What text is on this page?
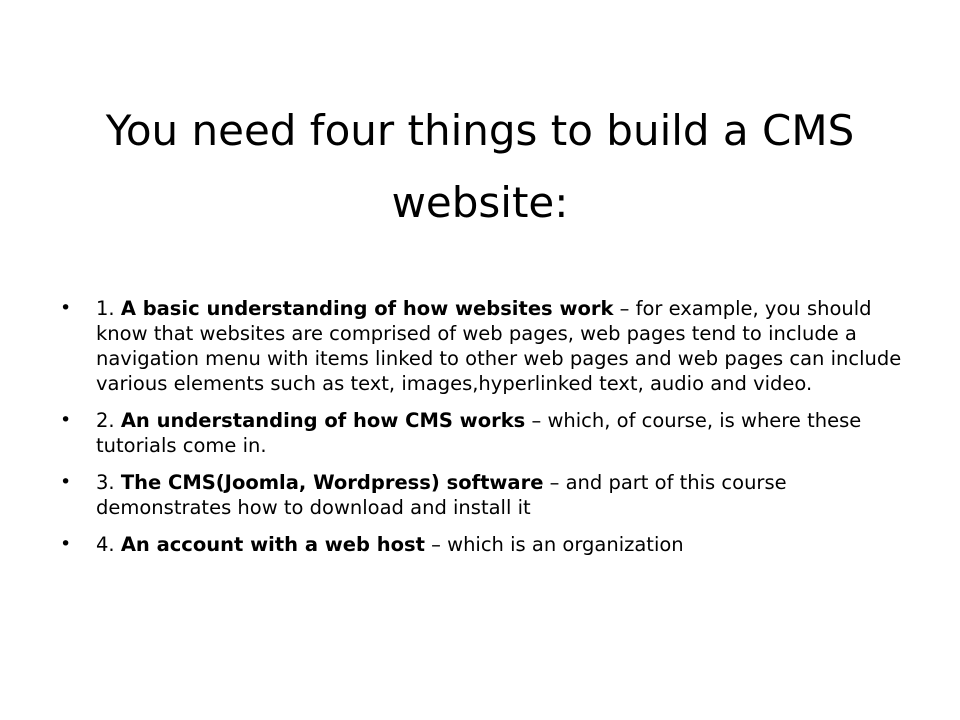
You need four things to build a CMS website:
• 1. A basic understanding of how websites work – for example, you should know that websites are comprised of web pages, web pages tend to include a navigation menu with items linked to other web pages and web pages can include various elements such as text, images,hyperlinked text, audio and video.
• 2. An understanding of how CMS works – which, of course, is where these tutorials come in.
• 3. The CMS(Joomla, Wordpress) software – and part of this course demonstrates how to download and install it
• 4. An account with a web host – which is an organization
